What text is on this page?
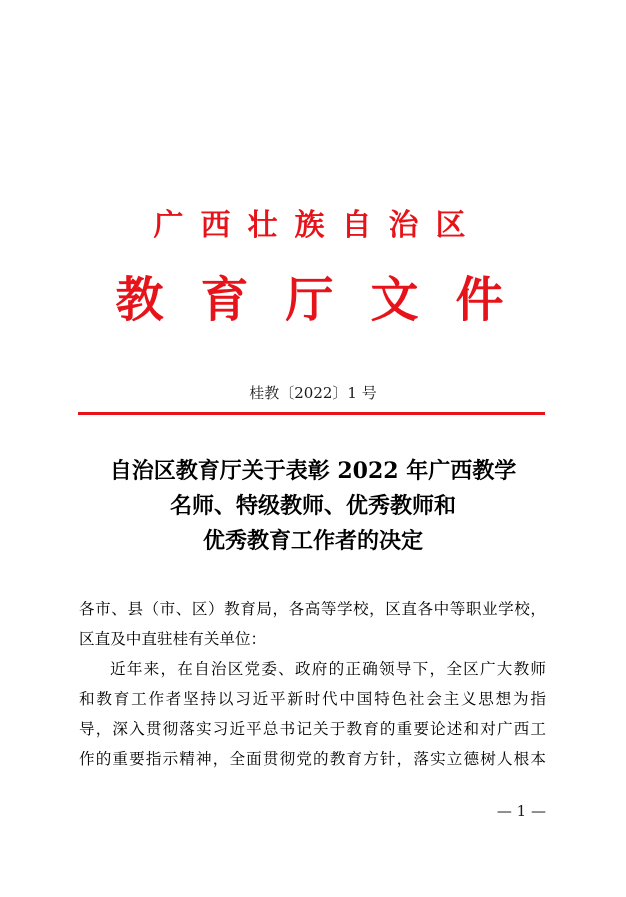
广西壮族自治区
教育厅文件
桂教〔2022〕1 号
自治区教育厅关于表彰 2022 年广西教学
名师、特级教师、优秀教师和
优秀教育工作者的决定
各市、县（市、区）教育局，各高等学校，区直各中等职业学校，
区直及中直驻桂有关单位：
近年来，在自治区党委、政府的正确领导下，全区广大教师
和教育工作者坚持以习近平新时代中国特色社会主义思想为指
导，深入贯彻落实习近平总书记关于教育的重要论述和对广西工
作的重要指示精神，全面贯彻党的教育方针，落实立德树人根本
— 1 —
